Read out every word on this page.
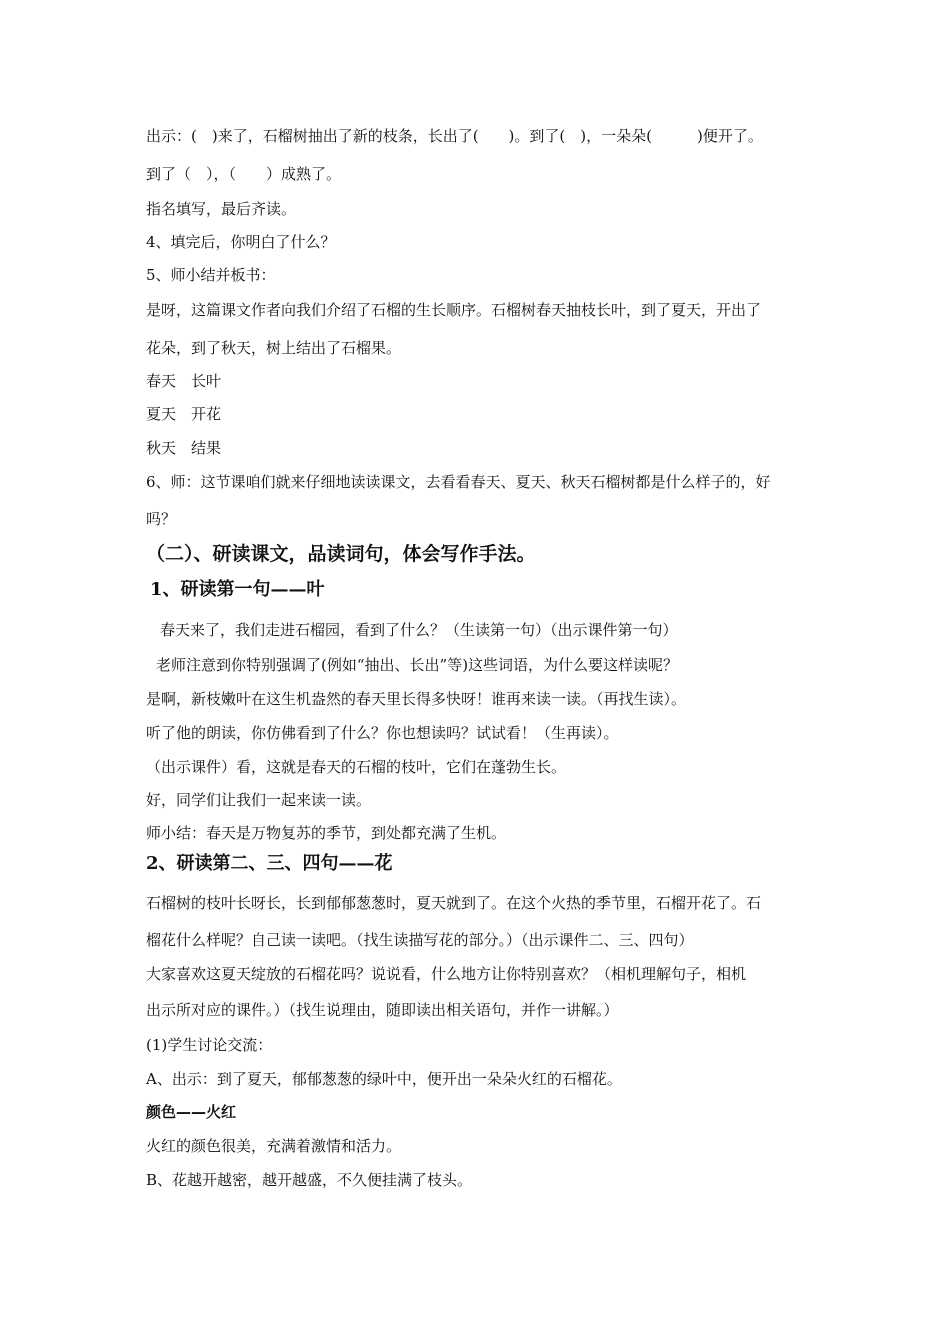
出示：(　)来了，石榴树抽出了新的枝条，长出了(　　)。到了(　)，一朵朵(　　　)便开了。
到了（　），（　　）成熟了。
指名填写，最后齐读。
4、填完后，你明白了什么？
5、师小结并板书：
是呀，这篇课文作者向我们介绍了石榴的生长顺序。石榴树春天抽枝长叶，到了夏天，开出了
花朵，到了秋天，树上结出了石榴果。
春天　长叶
夏天　开花
秋天　结果
6、师：这节课咱们就来仔细地读读课文，去看看春天、夏天、秋天石榴树都是什么样子的，好
吗？
（二）、研读课文，品读词句，体会写作手法。
1、研读第一句——叶
春天来了，我们走进石榴园，看到了什么？（生读第一句）（出示课件第一句）
老师注意到你特别强调了(例如“抽出、长出”等)这些词语，为什么要这样读呢？
是啊，新枝嫩叶在这生机盎然的春天里长得多快呀！谁再来读一读。（再找生读）。
听了他的朗读，你仿佛看到了什么？你也想读吗？试试看！（生再读）。
（出示课件）看，这就是春天的石榴的枝叶，它们在蓬勃生长。
好，同学们让我们一起来读一读。
师小结：春天是万物复苏的季节，到处都充满了生机。
2、研读第二、三、四句——花
石榴树的枝叶长呀长，长到郁郁葱葱时，夏天就到了。在这个火热的季节里，石榴开花了。石
榴花什么样呢？自己读一读吧。（找生读描写花的部分。）（出示课件二、三、四句）
大家喜欢这夏天绽放的石榴花吗？说说看，什么地方让你特别喜欢？（相机理解句子，相机
出示所对应的课件。）（找生说理由，随即读出相关语句，并作一讲解。）
(1)学生讨论交流：
A、出示：到了夏天，郁郁葱葱的绿叶中，便开出一朵朵火红的石榴花。
颜色——火红
火红的颜色很美，充满着激情和活力。
B、花越开越密，越开越盛，不久便挂满了枝头。
